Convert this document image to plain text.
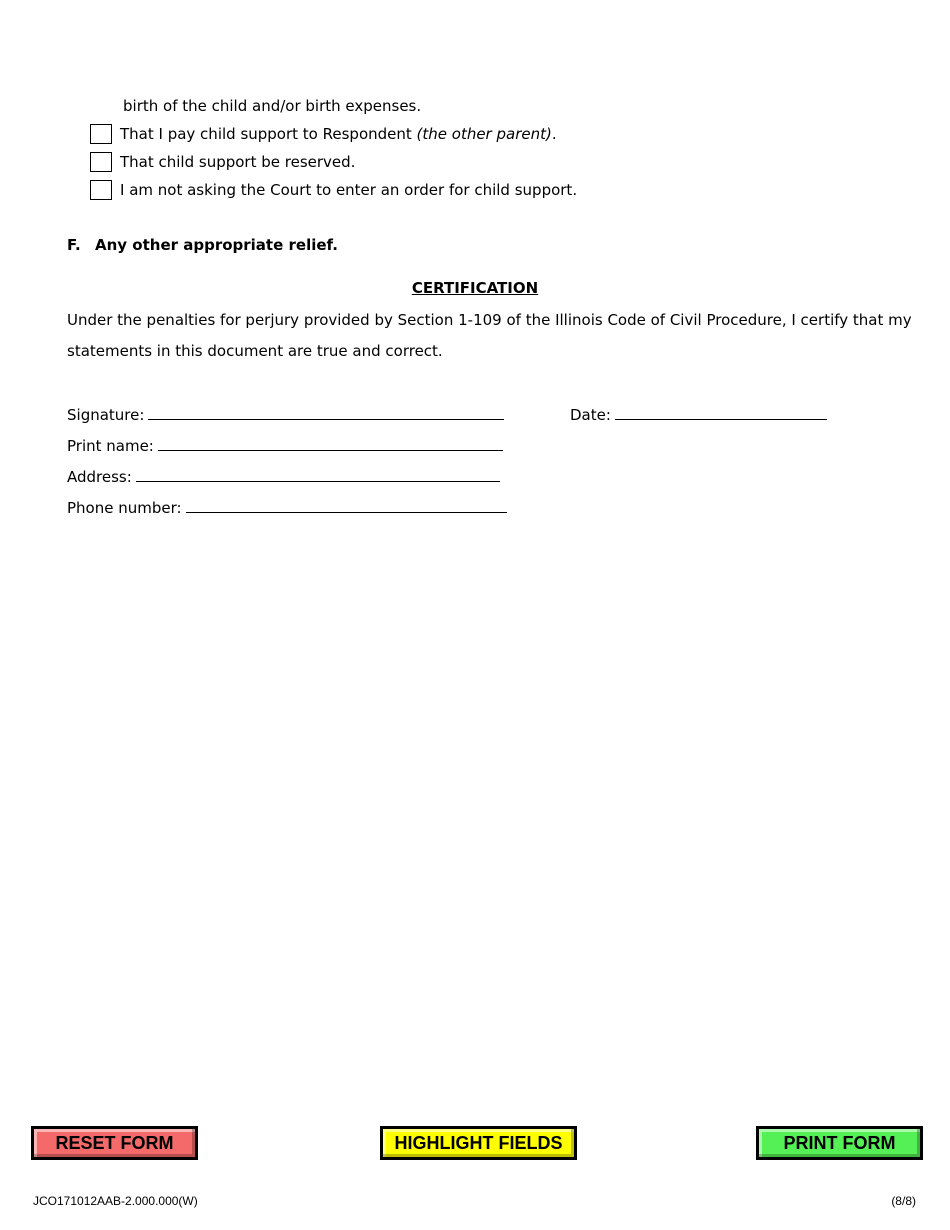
birth of the child and/or birth expenses.
That I pay child support to Respondent (the other parent).
That child support be reserved.
I am not asking the Court to enter an order for child support.
F. Any other appropriate relief.
CERTIFICATION
Under the penalties for perjury provided by Section 1-109 of the Illinois Code of Civil Procedure, I certify that my
statements in this document are true and correct.
Signature:	Date:
Print name:
Address:
Phone number:
RESET FORM	HIGHLIGHT FIELDS	PRINT FORM
JCO171012AAB-2.000.000(W)	(8/8)
